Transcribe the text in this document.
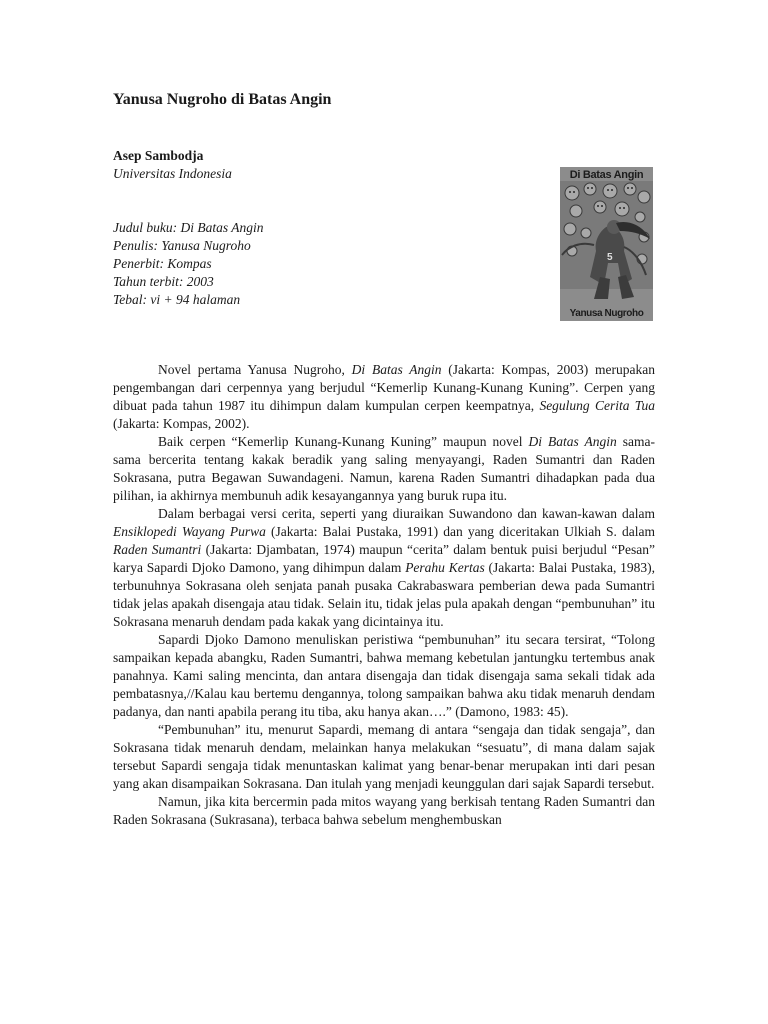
Yanusa Nugroho di Batas Angin
Asep Sambodja
Universitas Indonesia
Judul buku: Di Batas Angin
Penulis: Yanusa Nugroho
Penerbit: Kompas
Tahun terbit: 2003
Tebal: vi + 94 halaman
5
Di Batas Angin
Yanusa Nugroho

Novel pertama Yanusa Nugroho, Di Batas Angin (Jakarta: Kompas, 2003) merupakan pengembangan dari cerpennya yang berjudul “Kemerlip Kunang-Kunang Kuning”. Cerpen yang dibuat pada tahun 1987 itu dihimpun dalam kumpulan cerpen keempatnya, Segulung Cerita Tua (Jakarta: Kompas, 2002).

Baik cerpen “Kemerlip Kunang-Kunang Kuning” maupun novel Di Batas Angin sama-sama bercerita tentang kakak beradik yang saling menyayangi, Raden Sumantri dan Raden Sokrasana, putra Begawan Suwandageni. Namun, karena Raden Sumantri dihadapkan pada dua pilihan, ia akhirnya membunuh adik kesayangannya yang buruk rupa itu.

Dalam berbagai versi cerita, seperti yang diuraikan Suwandono dan kawan-kawan dalam Ensiklopedi Wayang Purwa (Jakarta: Balai Pustaka, 1991) dan yang diceritakan Ulkiah S. dalam Raden Sumantri (Jakarta: Djambatan, 1974) maupun “cerita” dalam bentuk puisi berjudul “Pesan” karya Sapardi Djoko Damono, yang dihimpun dalam Perahu Kertas (Jakarta: Balai Pustaka, 1983), terbunuhnya Sokrasana oleh senjata panah pusaka Cakrabaswara pemberian dewa pada Sumantri tidak jelas apakah disengaja atau tidak. Selain itu, tidak jelas pula apakah dengan “pembunuhan” itu Sokrasana menaruh dendam pada kakak yang dicintainya itu.

Sapardi Djoko Damono menuliskan peristiwa “pembunuhan” itu secara tersirat, “Tolong sampaikan kepada abangku, Raden Sumantri, bahwa memang kebetulan jantungku tertembus anak panahnya. Kami saling mencinta, dan antara disengaja dan tidak disengaja sama sekali tidak ada pembatasnya,//Kalau kau bertemu dengannya, tolong sampaikan bahwa aku tidak menaruh dendam padanya, dan nanti apabila perang itu tiba, aku hanya akan….” (Damono, 1983: 45).

“Pembunuhan” itu, menurut Sapardi, memang di antara “sengaja dan tidak sengaja”, dan Sokrasana tidak menaruh dendam, melainkan hanya melakukan “sesuatu”, di mana dalam sajak tersebut Sapardi sengaja tidak menuntaskan kalimat yang benar-benar merupakan inti dari pesan yang akan disampaikan Sokrasana. Dan itulah yang menjadi keunggulan dari sajak Sapardi tersebut.

Namun, jika kita bercermin pada mitos wayang yang berkisah tentang Raden Sumantri dan Raden Sokrasana (Sukrasana), terbaca bahwa sebelum menghembuskan
